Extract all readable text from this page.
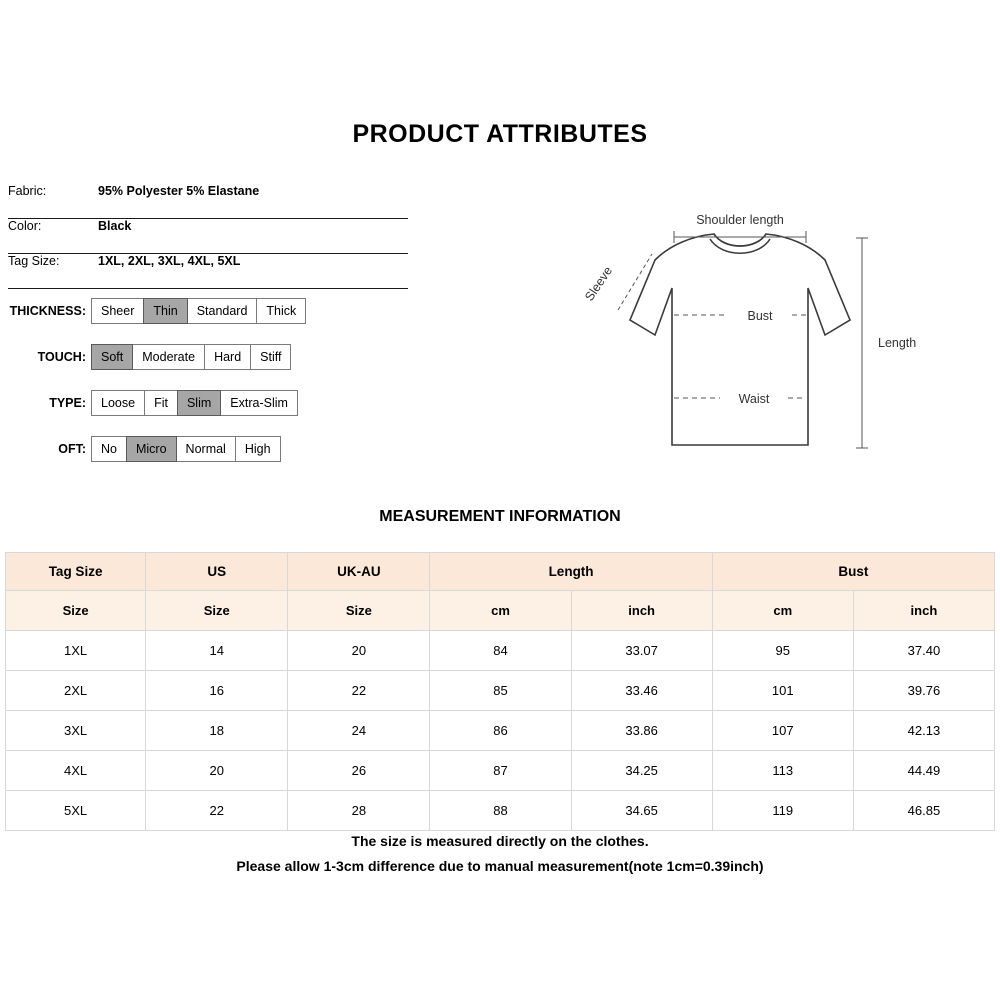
PRODUCT ATTRIBUTES
Fabric:	95% Polyester 5% Elastane
Color:	Black
Tag Size:	1XL, 2XL, 3XL, 4XL, 5XL
THICKNESS:	Sheer	Thin	Standard	Thick
TOUCH:	Soft	Moderate	Hard	Stiff
TYPE:	Loose	Fit	Slim	Extra-Slim
OFT:	No	Micro	Normal	High
Shoulder length
Sleeve
Bust
Waist
Length
MEASUREMENT INFORMATION
Tag Size	US	UK-AU	Length		Bust	
Size	Size	Size	cm	inch	cm	inch
1XL	14	20	84	33.07	95	37.40
2XL	16	22	85	33.46	101	39.76
3XL	18	24	86	33.86	107	42.13
4XL	20	26	87	34.25	113	44.49
5XL	22	28	88	34.65	119	46.85
The size is measured directly on the clothes.
Please allow 1-3cm difference due to manual measurement(note 1cm=0.39inch)
